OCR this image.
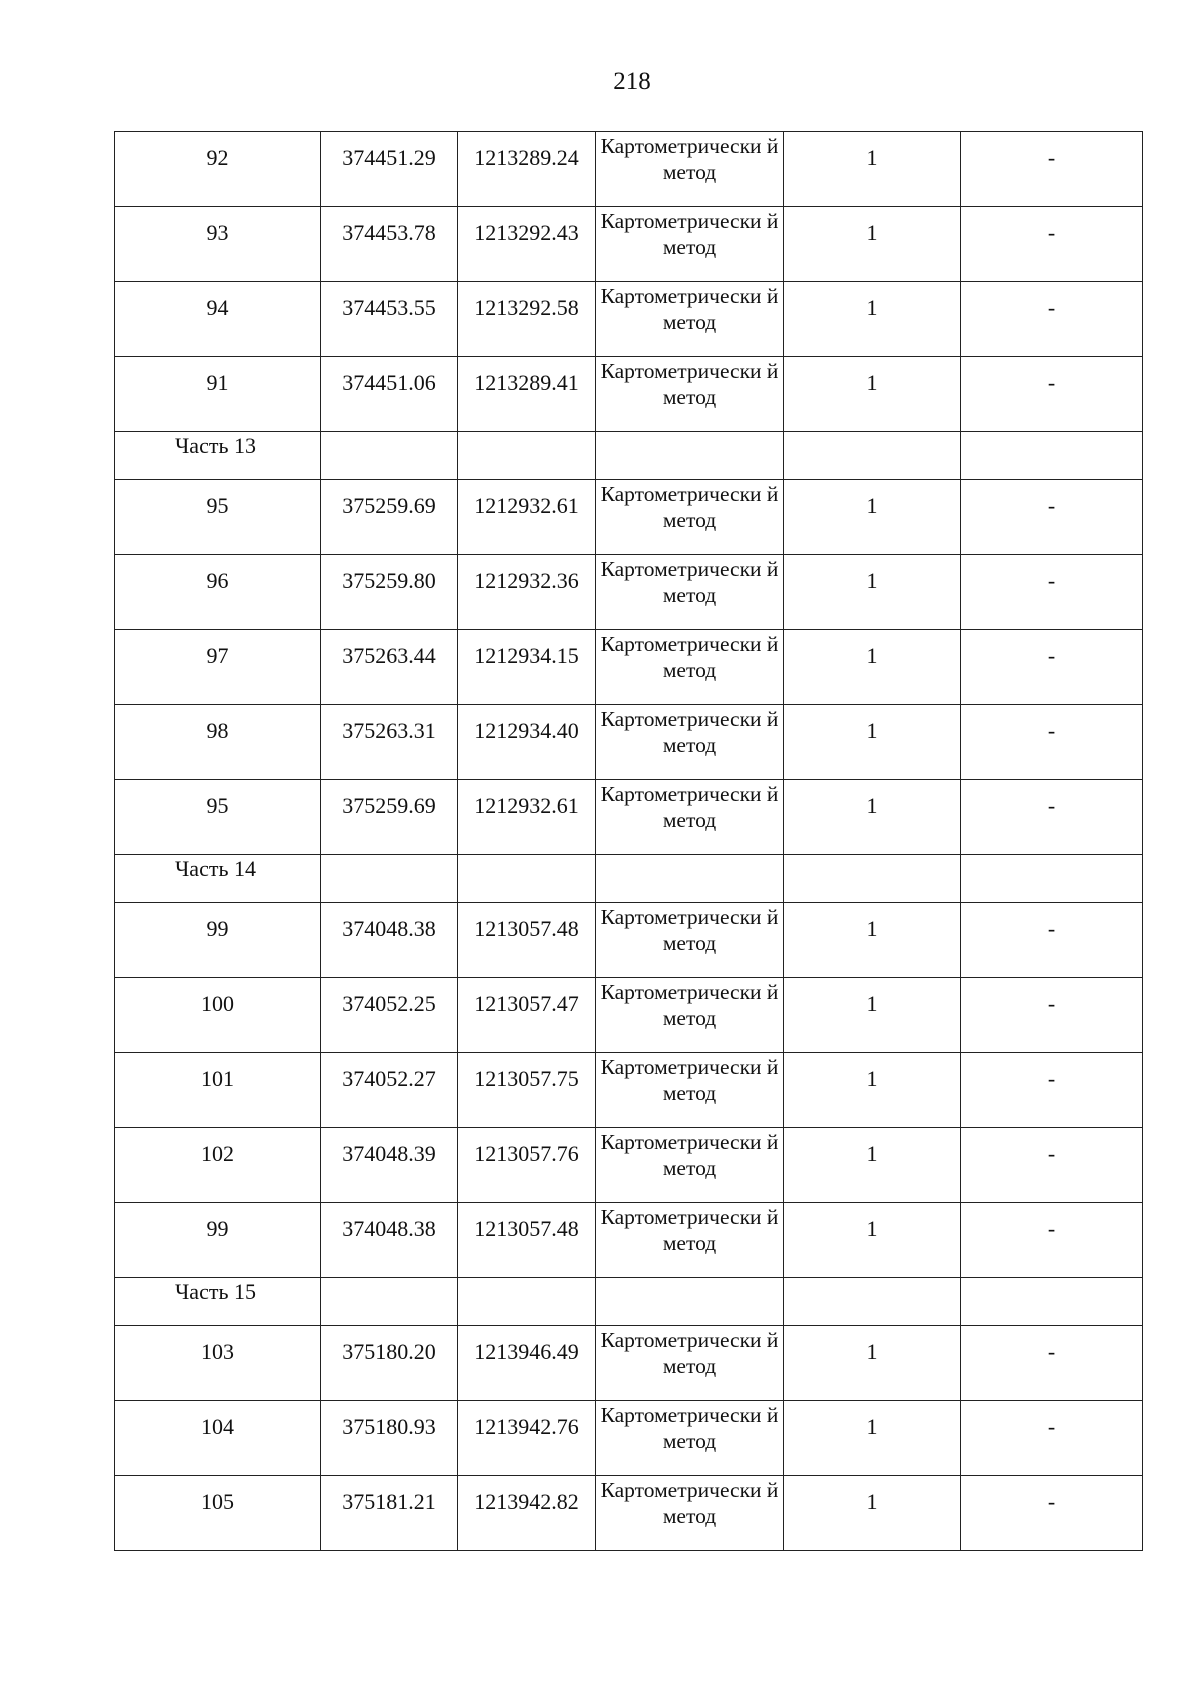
218
92	374451.29	1213289.24	Картометрически й метод	1	-
93	374453.78	1213292.43	Картометрически й метод	1	-
94	374453.55	1213292.58	Картометрически й метод	1	-
91	374451.06	1213289.41	Картометрически й метод	1	-
Часть 13					
95	375259.69	1212932.61	Картометрически й метод	1	-
96	375259.80	1212932.36	Картометрически й метод	1	-
97	375263.44	1212934.15	Картометрически й метод	1	-
98	375263.31	1212934.40	Картометрически й метод	1	-
95	375259.69	1212932.61	Картометрически й метод	1	-
Часть 14					
99	374048.38	1213057.48	Картометрически й метод	1	-
100	374052.25	1213057.47	Картометрически й метод	1	-
101	374052.27	1213057.75	Картометрически й метод	1	-
102	374048.39	1213057.76	Картометрически й метод	1	-
99	374048.38	1213057.48	Картометрически й метод	1	-
Часть 15					
103	375180.20	1213946.49	Картометрически й метод	1	-
104	375180.93	1213942.76	Картометрически й метод	1	-
105	375181.21	1213942.82	Картометрически й метод	1	-
